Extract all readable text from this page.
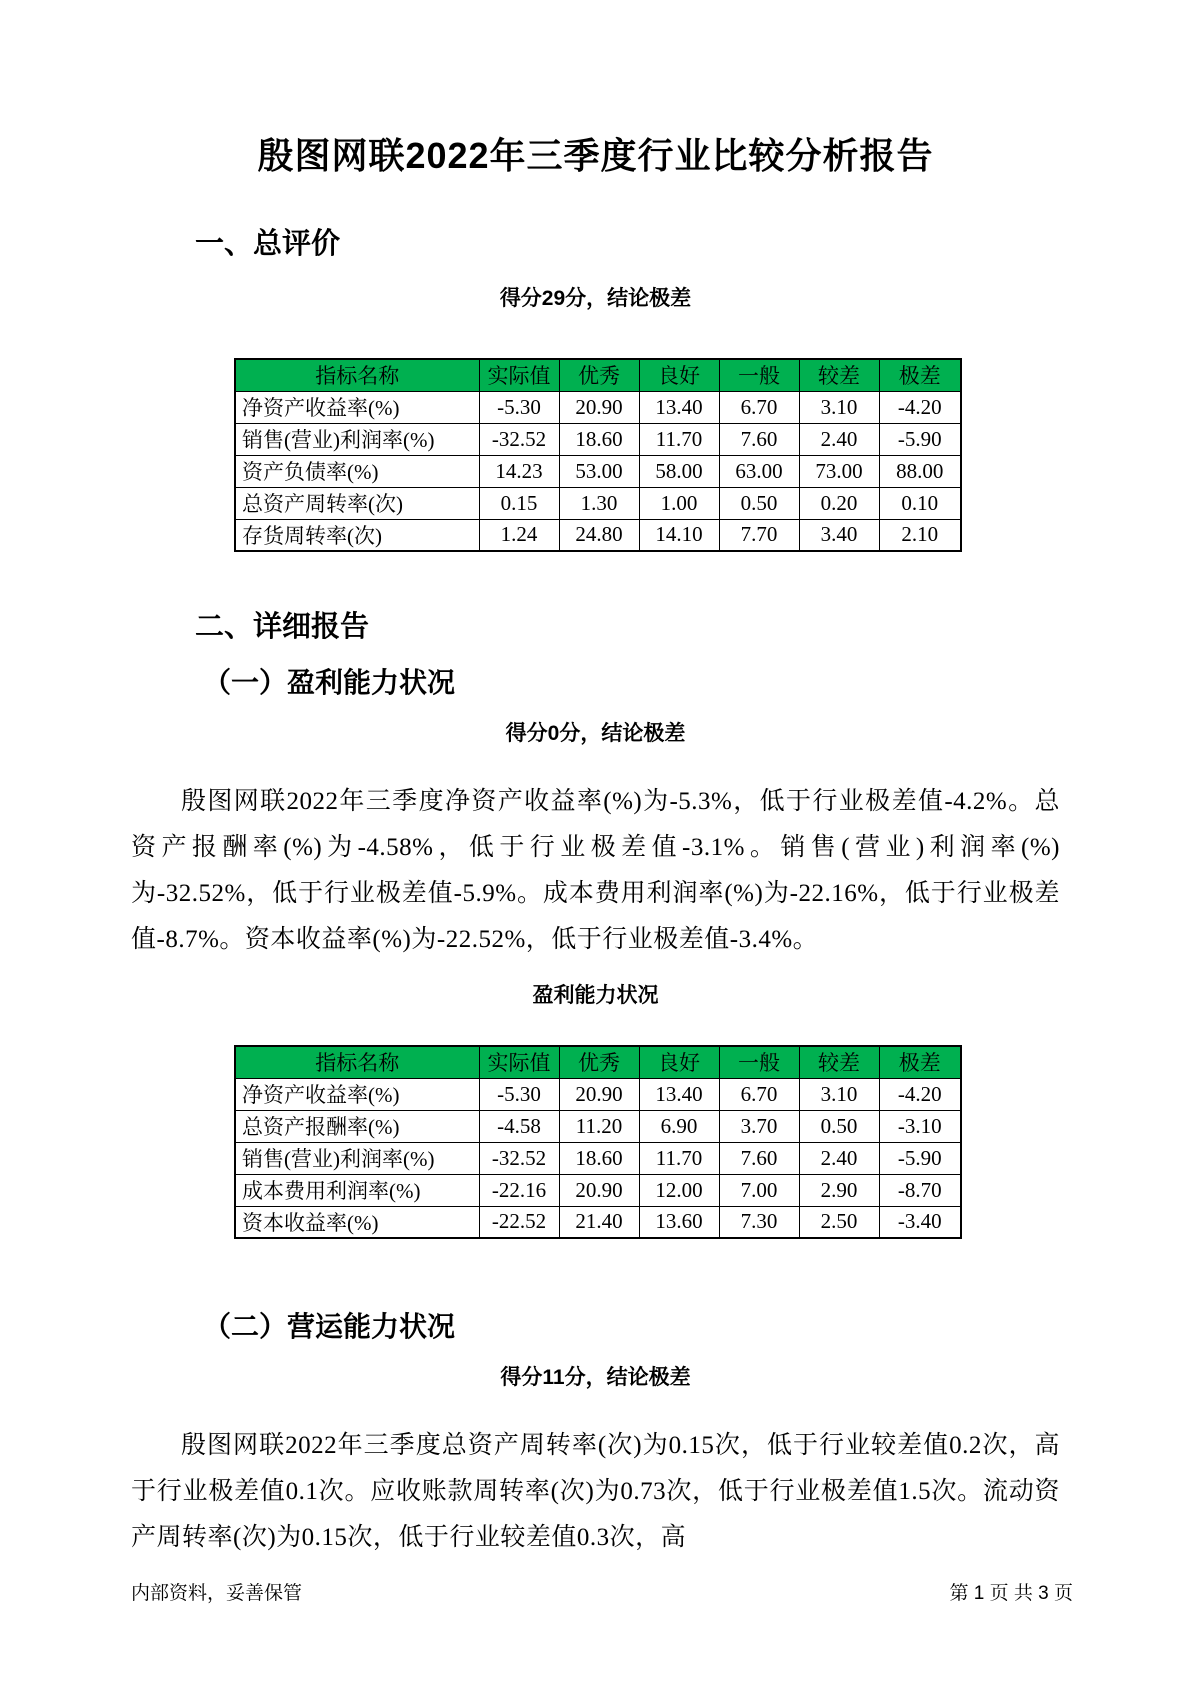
殷图网联2022年三季度行业比较分析报告
一、总评价
得分29分，结论极差
指标名称	实际值	优秀	良好	一般	较差	极差
净资产收益率(%)	-5.30	20.90	13.40	6.70	3.10	-4.20
销售(营业)利润率(%)	-32.52	18.60	11.70	7.60	2.40	-5.90
资产负债率(%)	14.23	53.00	58.00	63.00	73.00	88.00
总资产周转率(次)	0.15	1.30	1.00	0.50	0.20	0.10
存货周转率(次)	1.24	24.80	14.10	7.70	3.40	2.10
二、详细报告
（一）盈利能力状况
得分0分，结论极差
殷图网联2022年三季度净资产收益率(%)为-5.3%，低于行业极差值-4.2%。总资产报酬率(%)为-4.58%，低于行业极差值-3.1%。销售(营业)利润率(%)为-32.52%，低于行业极差值-5.9%。成本费用利润率(%)为-22.16%，低于行业极差值-8.7%。资本收益率(%)为-22.52%，低于行业极差值-3.4%。
盈利能力状况
指标名称	实际值	优秀	良好	一般	较差	极差
净资产收益率(%)	-5.30	20.90	13.40	6.70	3.10	-4.20
总资产报酬率(%)	-4.58	11.20	6.90	3.70	0.50	-3.10
销售(营业)利润率(%)	-32.52	18.60	11.70	7.60	2.40	-5.90
成本费用利润率(%)	-22.16	20.90	12.00	7.00	2.90	-8.70
资本收益率(%)	-22.52	21.40	13.60	7.30	2.50	-3.40
（二）营运能力状况
得分11分，结论极差
殷图网联2022年三季度总资产周转率(次)为0.15次，低于行业较差值0.2次，高于行业极差值0.1次。应收账款周转率(次)为0.73次，低于行业极差值1.5次。流动资产周转率(次)为0.15次，低于行业较差值0.3次，高
内部资料，妥善保管	第 1 页 共 3 页
